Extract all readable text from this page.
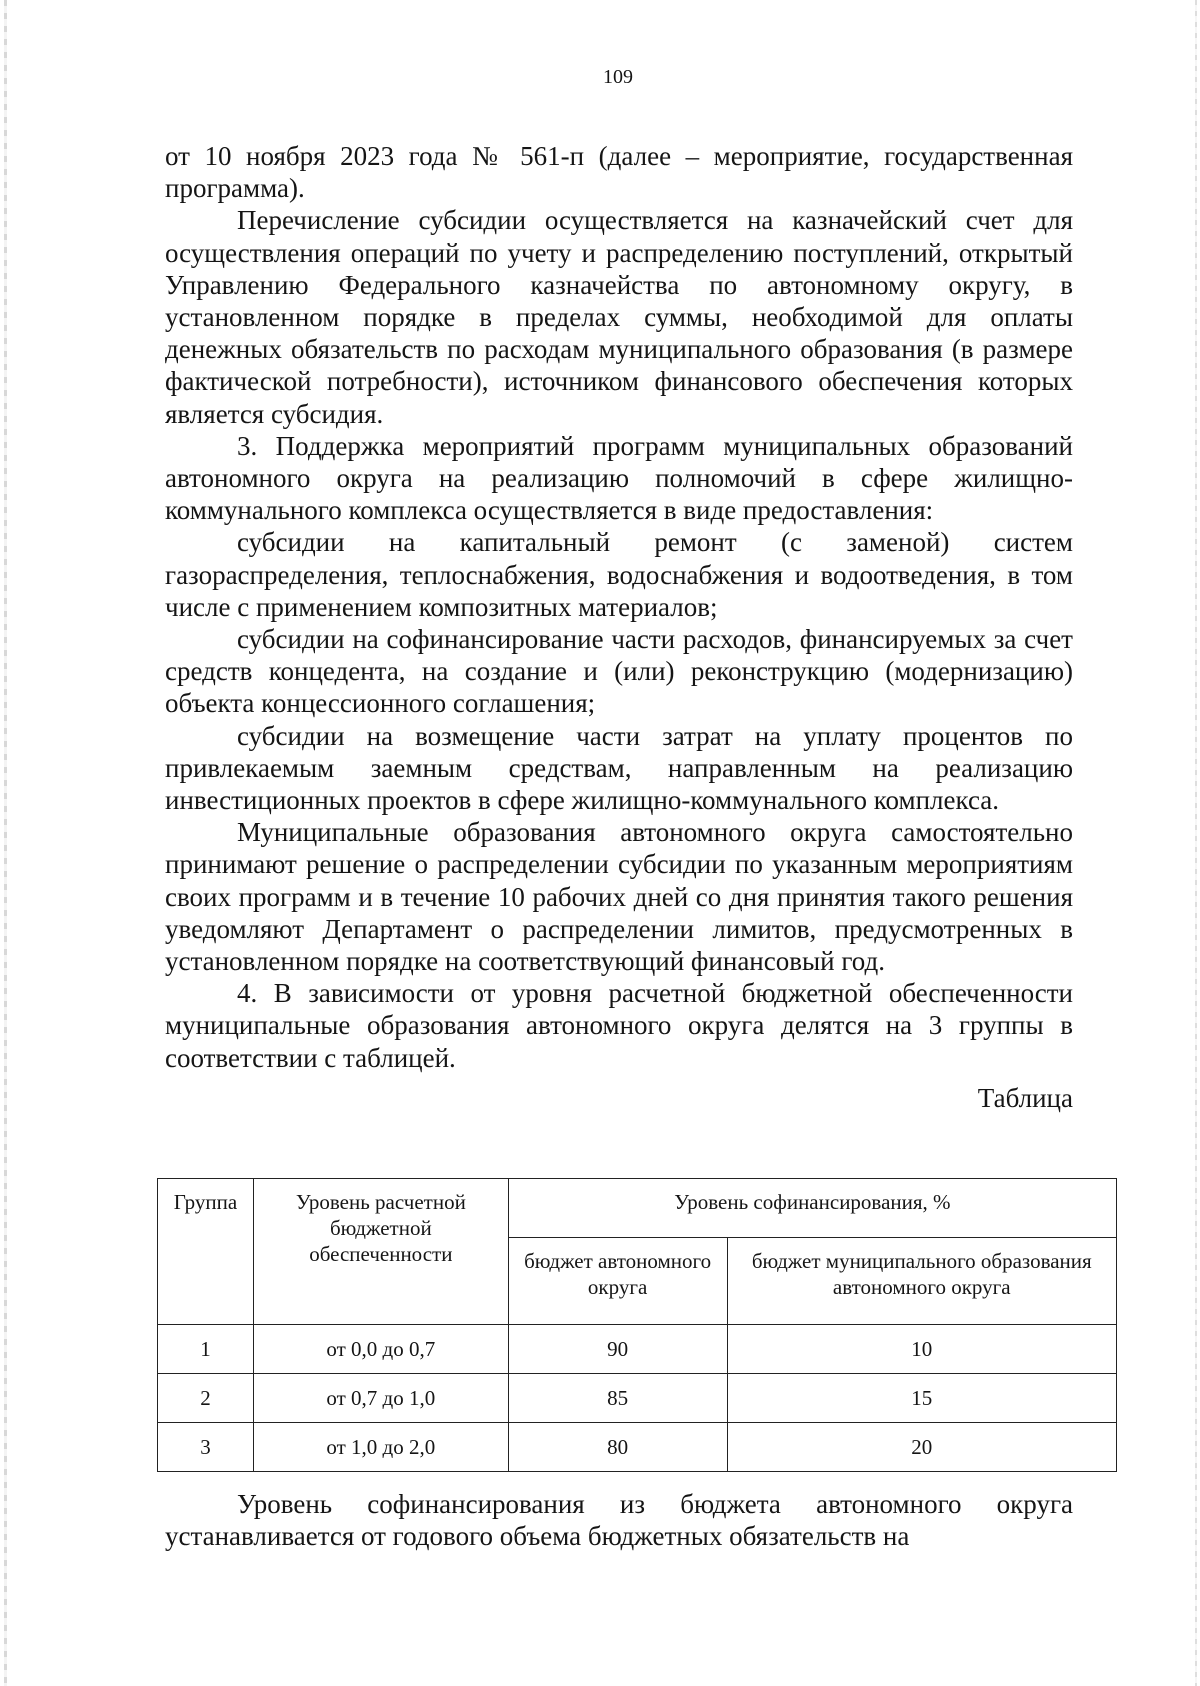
109

от 10 ноября 2023 года № 561-п (далее – мероприятие, государственная программа).

Перечисление субсидии осуществляется на казначейский счет для осуществления операций по учету и распределению поступлений, открытый Управлению Федерального казначейства по автономному округу, в установленном порядке в пределах суммы, необходимой для оплаты денежных обязательств по расходам муниципального образования (в размере фактической потребности), источником финансового обеспечения которых является субсидия.

3. Поддержка мероприятий программ муниципальных образований автономного округа на реализацию полномочий в сфере жилищно-коммунального комплекса осуществляется в виде предоставления:

субсидии на капитальный ремонт (с заменой) систем газораспределения, теплоснабжения, водоснабжения и водоотведения, в том числе с применением композитных материалов;

субсидии на софинансирование части расходов, финансируемых за счет средств концедента, на создание и (или) реконструкцию (модернизацию) объекта концессионного соглашения;

субсидии на возмещение части затрат на уплату процентов по привлекаемым заемным средствам, направленным на реализацию инвестиционных проектов в сфере жилищно-коммунального комплекса.

Муниципальные образования автономного округа самостоятельно принимают решение о распределении субсидии по указанным мероприятиям своих программ и в течение 10 рабочих дней со дня принятия такого решения уведомляют Департамент о распределении лимитов, предусмотренных в установленном порядке на соответствующий финансовый год.

4. В зависимости от уровня расчетной бюджетной обеспеченности муниципальные образования автономного округа делятся на 3 группы в соответствии с таблицей.

Таблица

Группа	Уровень расчетной бюджетной обеспеченности	Уровень софинансирования, %	
		бюджет автономного округа	бюджет муниципального образования автономного округа
1	от 0,0 до 0,7	90	10
2	от 0,7 до 1,0	85	15
3	от 1,0 до 2,0	80	20

Уровень софинансирования из бюджета автономного округа устанавливается от годового объема бюджетных обязательств на
